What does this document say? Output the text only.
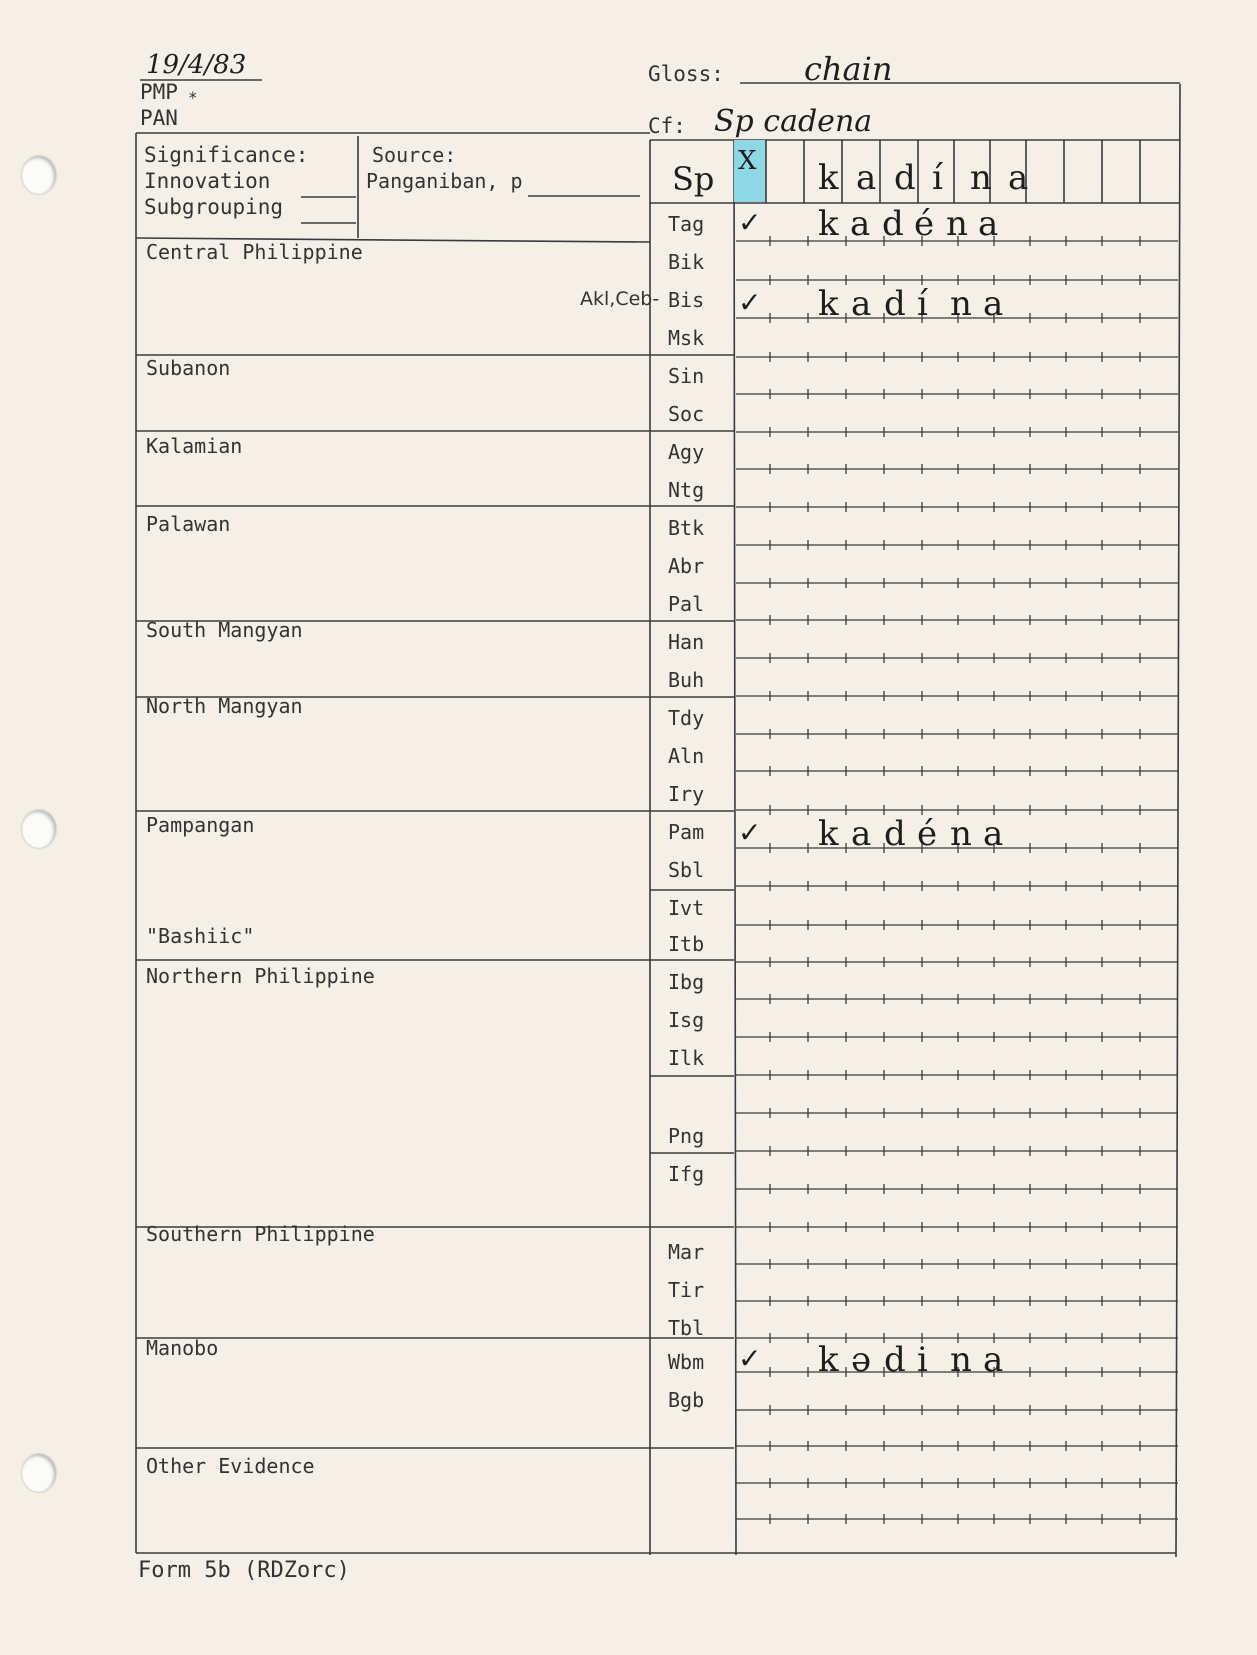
19/4/83
PMP *
PAN
Gloss:	chain
Cf: Sp cadena
Significance:
Innovation
Subgrouping
Source:
Panganiban, p
Central Philippine
Subanon
Kalamian
Palawan
South Mangyan
North Mangyan
Pampangan
"Bashiic"
Northern Philippine
Southern Philippine
Manobo
Other Evidence
Tag
Bik
Bis
Msk
Sin
Soc
Agy
Ntg
Btk
Abr
Pal
Han
Buh
Tdy
Aln
Iry
Pam
Sbl
Ivt
Itb
Ibg
Isg
Ilk
Png
Ifg
Mar
Tir
Tbl
Wbm
Bgb
Sp
Akl,Ceb-
X k a d í n a
✓ k a d é n a
✓ k a d í n a
✓ k a d é n a
✓ k ə d i n a
Form 5b (RDZorc)
